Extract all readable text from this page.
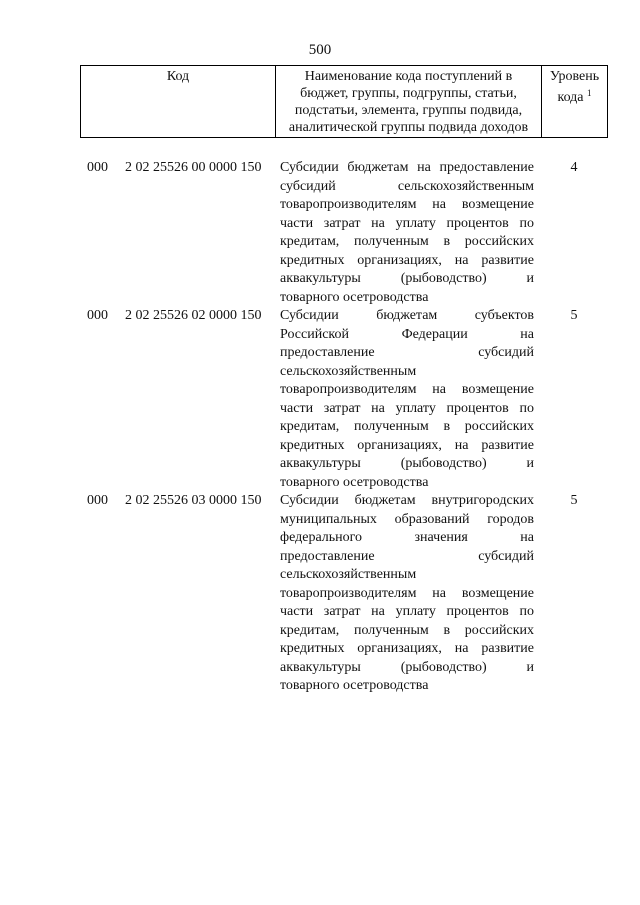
500
Код	Наименование кода поступлений в
бюджет, группы, подгруппы, статьи,
подстатьи, элемента, группы подвида,
аналитической группы подвида доходов
Уровень
кода $^1$
000 2 02 25526 00 0000 150 Субсидии бюджетам на предоставление
субсидий сельскохозяйственным
товаропроизводителям на возмещение
части затрат на уплату процентов по
кредитам, полученным в российских
кредитных организациях, на развитие
аквакультуры (рыбоводство) и
товарного осетроводства
4
000 2 02 25526 02 0000 150 Субсидии бюджетам субъектов
Российской Федерации на
предоставление субсидий
сельскохозяйственным
товаропроизводителям на возмещение
части затрат на уплату процентов по
кредитам, полученным в российских
кредитных организациях, на развитие
аквакультуры (рыбоводство) и
товарного осетроводства
5
000 2 02 25526 03 0000 150 Субсидии бюджетам внутригородских
муниципальных образований городов
федерального значения на
предоставление субсидий
сельскохозяйственным
товаропроизводителям на возмещение
части затрат на уплату процентов по
кредитам, полученным в российских
кредитных организациях, на развитие
аквакультуры (рыбоводство) и
товарного осетроводства
5
